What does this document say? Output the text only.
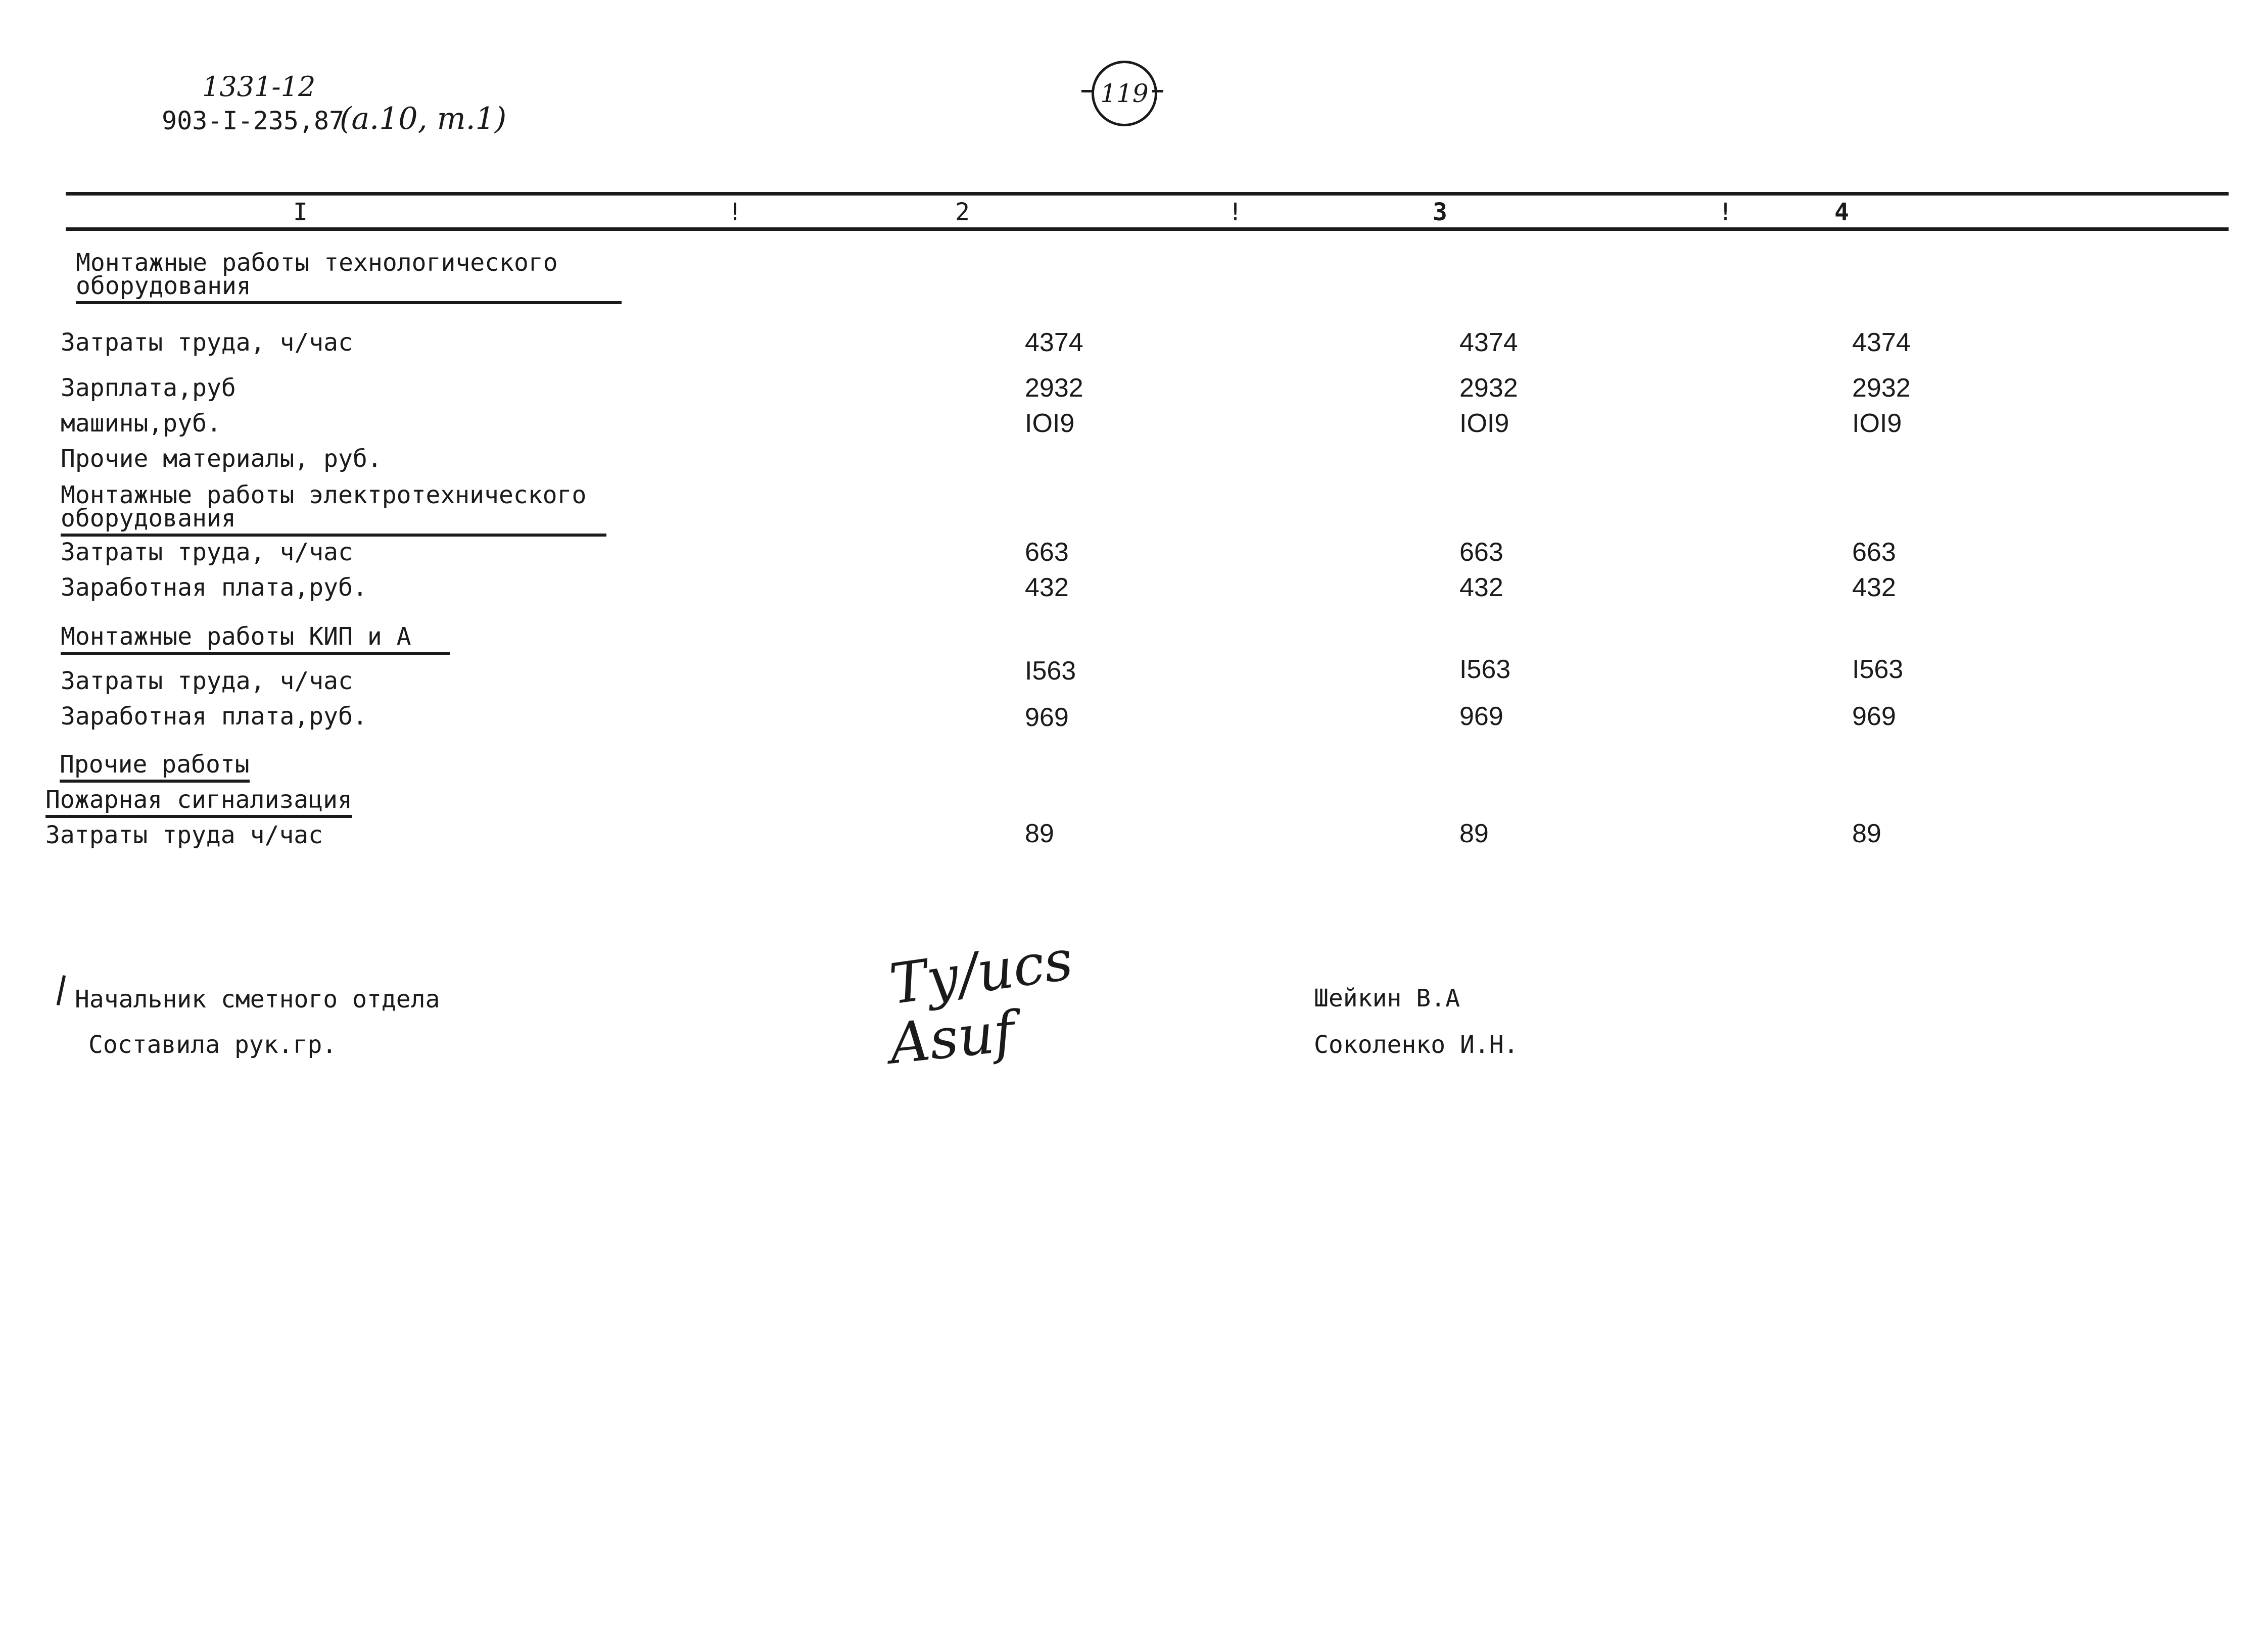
1331-12
903-I-235,87
(а.10, т.1)
119
I	!	2	!	3	!	4
Монтажные работы технологического
оборудования
Затраты труда, ч/час	4374	4374	4374
Зарплата,руб	2932	2932	2932
машины,руб.	IOI9	IOI9	IOI9
Прочие материалы, руб.
Монтажные работы электротехнического
оборудования
Затраты труда, ч/час	663	663	663
Заработная плата,руб.	432	432	432
Монтажные работы КИП и А
Затраты труда, ч/час	I563	I563	I563
Заработная плата,руб.	969	969	969
Прочие работы
Пожарная сигнализация
Затраты труда ч/час	89	89	89
Начальник сметного отдела
Составила рук.гр.
Ту/ucs
Asuf
Шейкин В.А
Соколенко И.Н.
